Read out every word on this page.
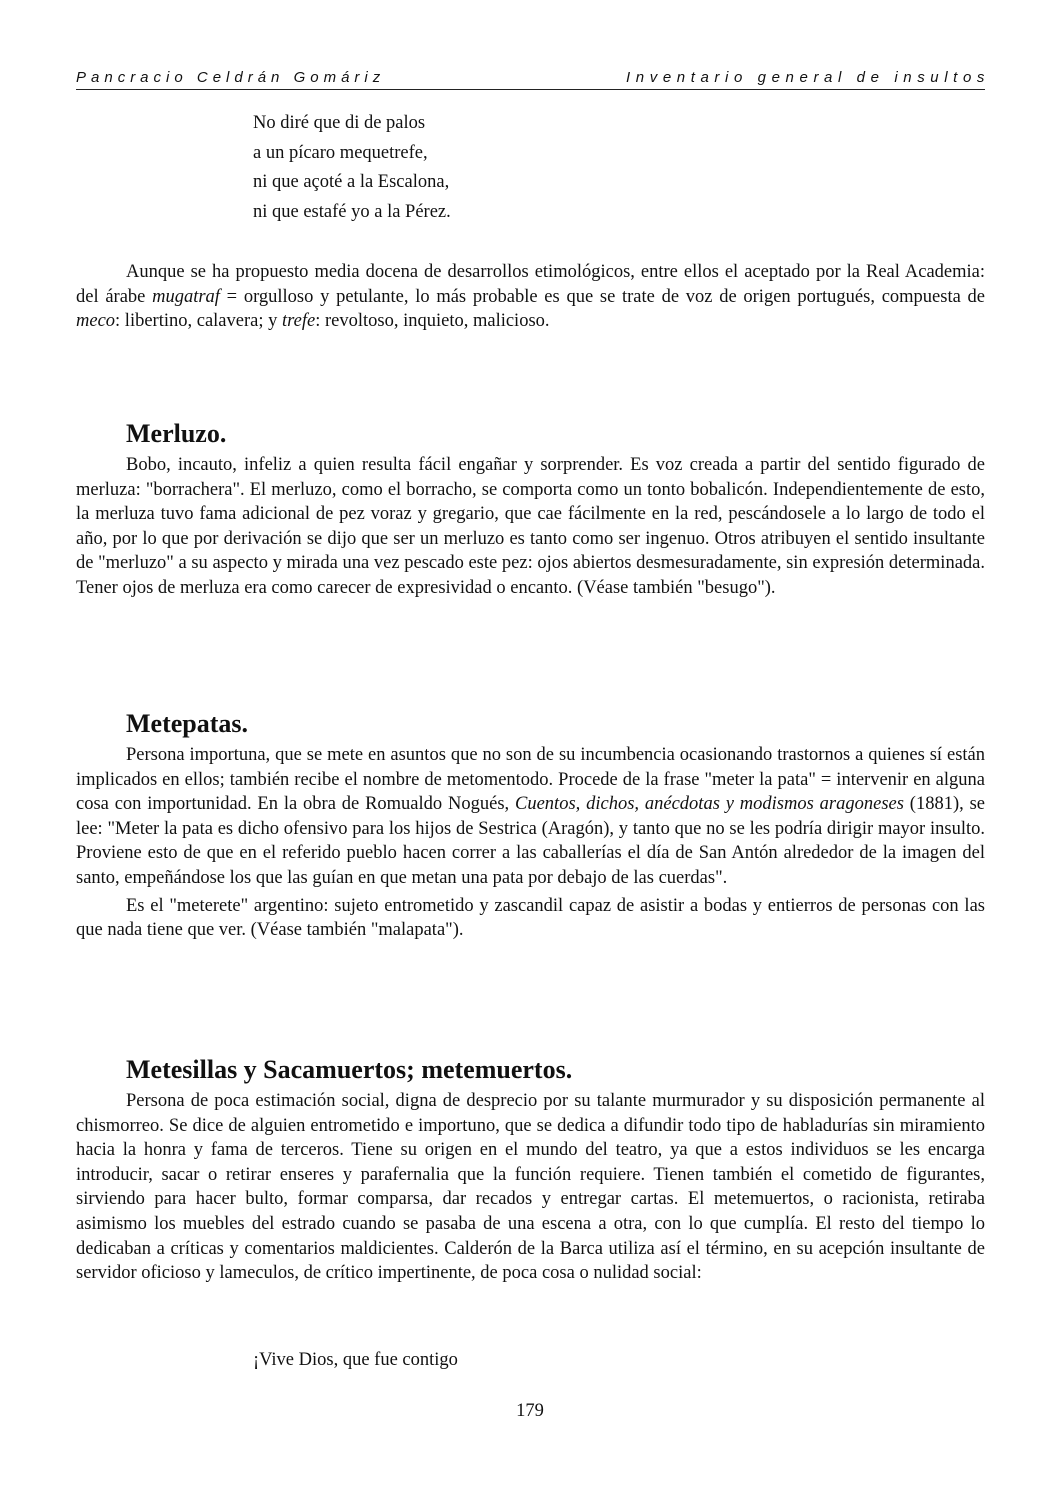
Pancracio Celdrán Gomáriz	Inventario general de insultos
No diré que di de palos
a un pícaro mequetrefe,
ni que açoté a la Escalona,
ni que estafé yo a la Pérez.

Aunque se ha propuesto media docena de desarrollos etimológicos, entre ellos el aceptado por la Real Academia: del árabe mugatraf = orgulloso y petulante, lo más probable es que se trate de voz de origen portugués, compuesta de meco: libertino, calavera; y trefe: revoltoso, inquieto, malicioso.

Merluzo.

Bobo, incauto, infeliz a quien resulta fácil engañar y sorprender. Es voz creada a partir del sentido figurado de merluza: "borrachera". El merluzo, como el borracho, se comporta como un tonto bobalicón. Independientemente de esto, la merluza tuvo fama adicional de pez voraz y gregario, que cae fácilmente en la red, pescándosele a lo largo de todo el año, por lo que por derivación se dijo que ser un merluzo es tanto como ser ingenuo. Otros atribuyen el sentido insultante de "merluzo" a su aspecto y mirada una vez pescado este pez: ojos abiertos desmesuradamente, sin expresión determinada. Tener ojos de merluza era como carecer de expresividad o encanto. (Véase también "besugo").

Metepatas.

Persona importuna, que se mete en asuntos que no son de su incumbencia ocasionando trastornos a quienes sí están implicados en ellos; también recibe el nombre de metomentodo. Procede de la frase "meter la pata" = intervenir en alguna cosa con importunidad. En la obra de Romualdo Nogués, Cuentos, dichos, anécdotas y modismos aragoneses (1881), se lee: "Meter la pata es dicho ofensivo para los hijos de Sestrica (Aragón), y tanto que no se les podría dirigir mayor insulto. Proviene esto de que en el referido pueblo hacen correr a las caballerías el día de San Antón alrededor de la imagen del santo, empeñándose los que las guían en que metan una pata por debajo de las cuerdas".

Es el "meterete" argentino: sujeto entrometido y zascandil capaz de asistir a bodas y entierros de personas con las que nada tiene que ver. (Véase también "malapata").

Metesillas y Sacamuertos; metemuertos.

Persona de poca estimación social, digna de desprecio por su talante murmurador y su disposición permanente al chismorreo. Se dice de alguien entrometido e importuno, que se dedica a difundir todo tipo de habladurías sin miramiento hacia la honra y fama de terceros. Tiene su origen en el mundo del teatro, ya que a estos individuos se les encarga introducir, sacar o retirar enseres y parafernalia que la función requiere. Tienen también el cometido de figurantes, sirviendo para hacer bulto, formar comparsa, dar recados y entregar cartas. El metemuertos, o racionista, retiraba asimismo los muebles del estrado cuando se pasaba de una escena a otra, con lo que cumplía. El resto del tiempo lo dedicaban a críticas y comentarios maldicientes. Calderón de la Barca utiliza así el término, en su acepción insultante de servidor oficioso y lameculos, de crítico impertinente, de poca cosa o nulidad social:

¡Vive Dios, que fue contigo
179
